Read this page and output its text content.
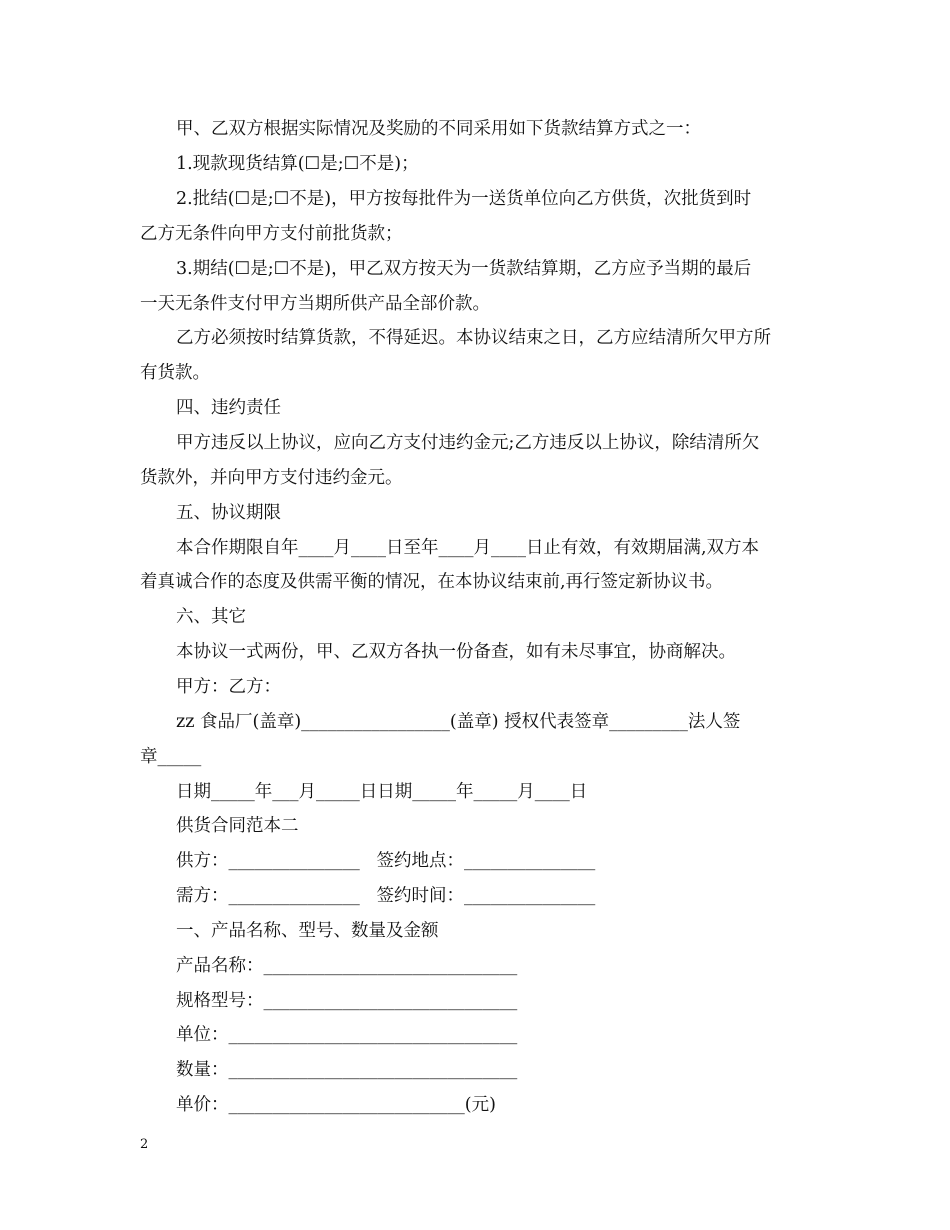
甲、乙双方根据实际情况及奖励的不同采用如下货款结算方式之一：
1.现款现货结算(☐是;☐不是)；
2.批结(☐是;☐不是)，甲方按每批件为一送货单位向乙方供货，次批货到时
乙方无条件向甲方支付前批货款；
3.期结(☐是;☐不是)，甲乙双方按天为一货款结算期，乙方应予当期的最后
一天无条件支付甲方当期所供产品全部价款。
乙方必须按时结算货款，不得延迟。本协议结束之日，乙方应结清所欠甲方所
有货款。
四、违约责任
甲方违反以上协议，应向乙方支付违约金元;乙方违反以上协议，除结清所欠
货款外，并向甲方支付违约金元。
五、协议期限
本合作期限自年____月____日至年____月____日止有效，有效期届满,双方本
着真诚合作的态度及供需平衡的情况，在本协议结束前,再行签定新协议书。
六、其它
本协议一式两份，甲、乙双方各执一份备查，如有未尽事宜，协商解决。
甲方：乙方：
zz 食品厂(盖章)_________________(盖章) 授权代表签章_________法人签
章_____
日期_____年___月_____日日期_____年_____月____日
供货合同范本二
供方：_______________   签约地点：_______________
需方：_______________   签约时间：_______________
一、产品名称、型号、数量及金额
产品名称：_____________________________
规格型号：_____________________________
单位：_________________________________
数量：_________________________________
单价：___________________________(元)
2
